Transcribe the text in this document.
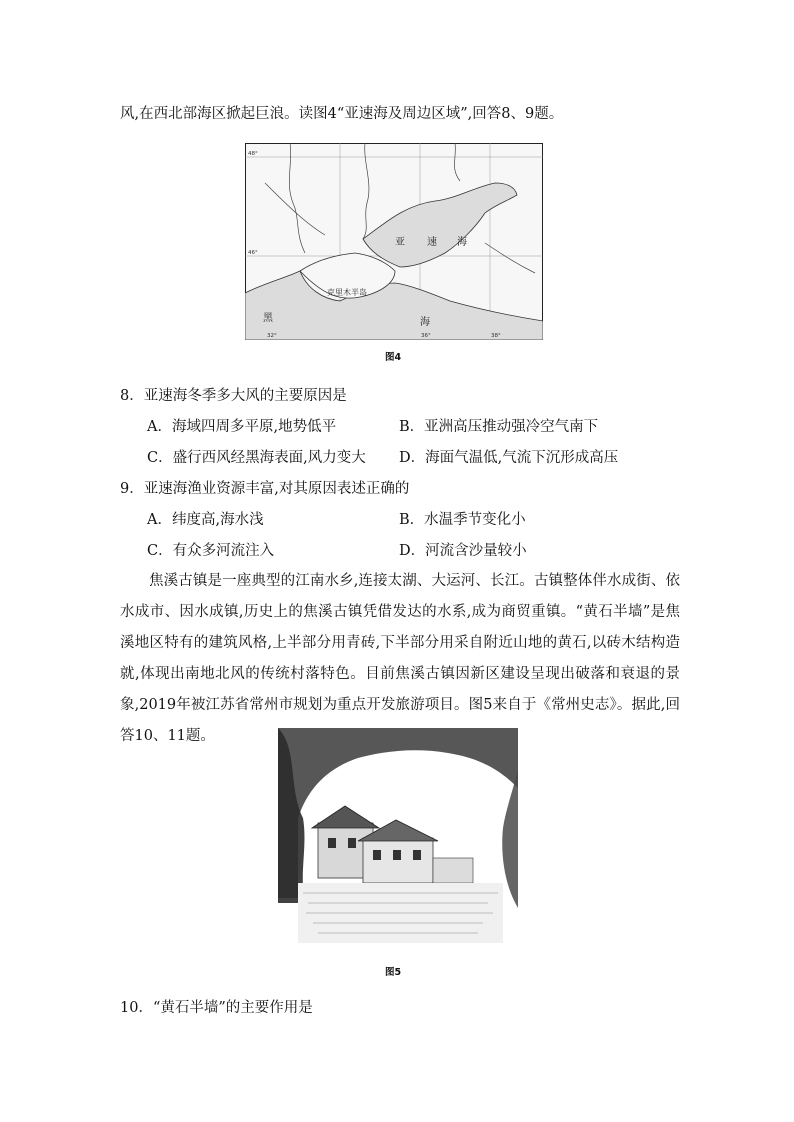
风,在西北部海区掀起巨浪。读图4“亚速海及周边区域”,回答8、9题。
亚 速 海
黑	海
克里木半岛
48°
46°
32°	36°	38°
图4
8．亚速海冬季多大风的主要原因是
A．海域四周多平原,地势低平	B．亚洲高压推动强冷空气南下
C．盛行西风经黑海表面,风力变大 D．海面气温低,气流下沉形成高压
9．亚速海渔业资源丰富,对其原因表述正确的
A．纬度高,海水浅	B．水温季节变化小
C．有众多河流注入	D．河流含沙量较小
焦溪古镇是一座典型的江南水乡,连接太湖、大运河、长江。古镇整体伴水成街、依水成市、因水成镇,历史上的焦溪古镇凭借发达的水系,成为商贸重镇。“黄石半墙”是焦溪地区特有的建筑风格,上半部分用青砖,下半部分用采自附近山地的黄石,以砖木结构造就,体现出南地北风的传统村落特色。目前焦溪古镇因新区建设呈现出破落和衰退的景象,2019年被江苏省常州市规划为重点开发旅游项目。图5来自于《常州史志》。据此,回答10、11题。
图5
10．“黄石半墙”的主要作用是
